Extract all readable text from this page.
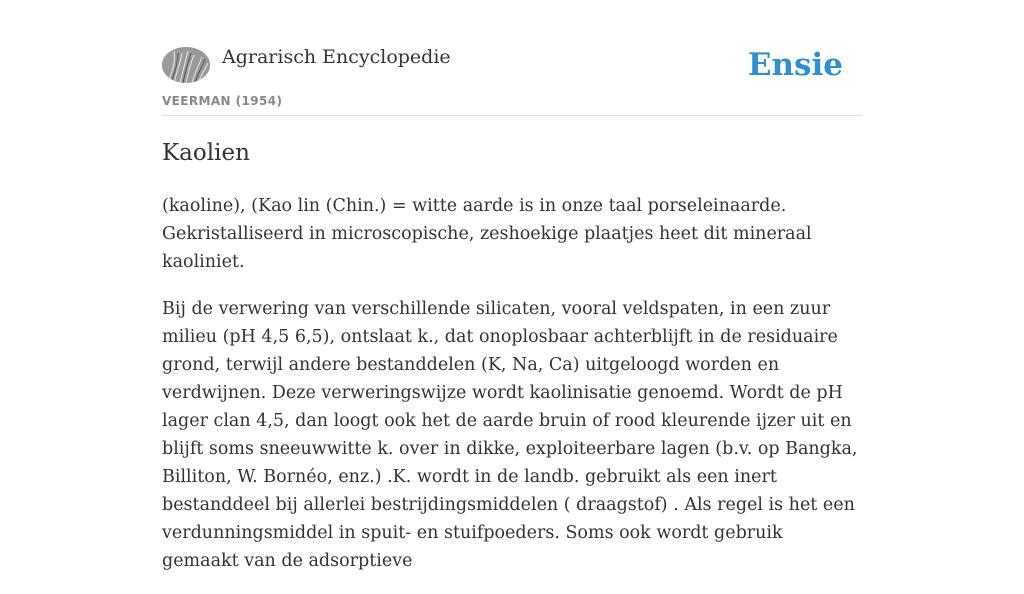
Agrarisch Encyclopedie
VEERMAN (1954)
Ensie
Kaolien

(kaoline), (Kao lin (Chin.) = witte aarde is in onze taal porseleinaarde. Gekristalliseerd in microscopische, zeshoekige plaatjes heet dit mineraal kaoliniet.

Bij de verwering van verschillende silicaten, vooral veldspaten, in een zuur milieu (pH 4,5 6,5), ontslaat k., dat onoplosbaar achterblijft in de residuaire grond, terwijl andere bestanddelen (K, Na, Ca) uitgeloogd worden en verdwijnen. Deze verweringswijze wordt kaolinisatie genoemd. Wordt de pH lager clan 4,5, dan loogt ook het de aarde bruin of rood kleurende ijzer uit en blijft soms sneeuwwitte k. over in dikke, exploiteerbare lagen (b.v. op Bangka, Billiton, W. Bornéo, enz.) .K. wordt in de landb. gebruikt als een inert bestanddeel bij allerlei bestrijdingsmiddelen ( draagstof) . Als regel is het een verdunningsmiddel in spuit- en stuifpoeders. Soms ook wordt gebruik gemaakt van de adsorptieve
